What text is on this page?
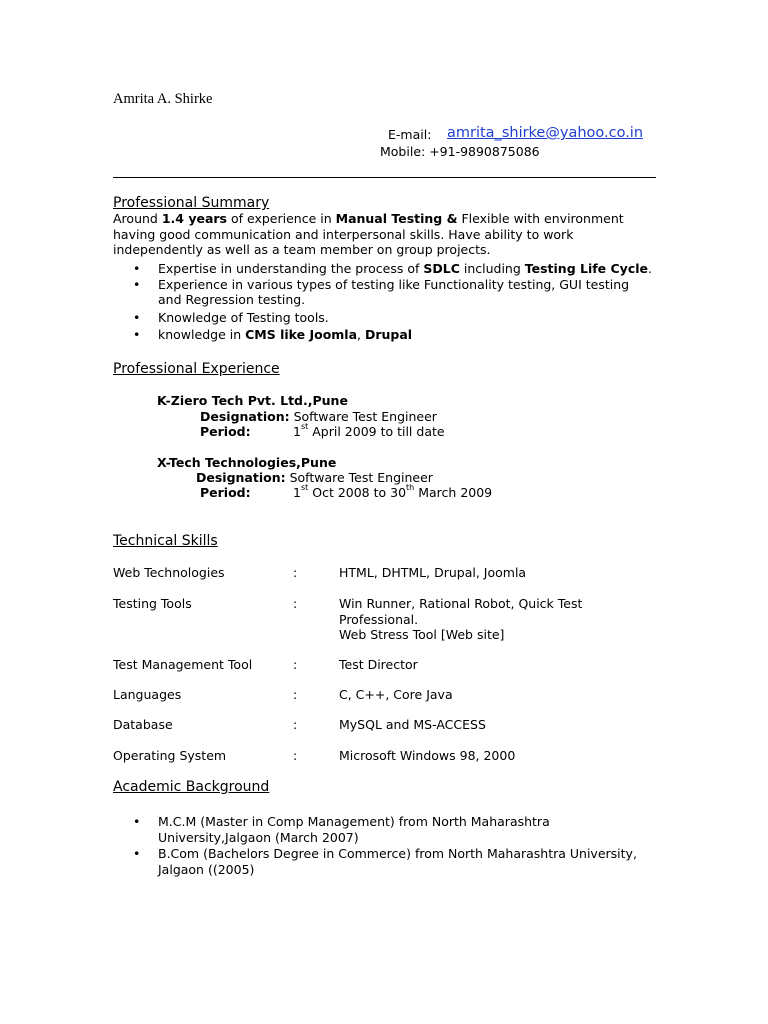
Amrita A. Shirke
E-mail: amrita_shirke@yahoo.co.in
Mobile: +91-9890875086
Professional Summary
Around 1.4 years of experience in Manual Testing & Flexible with environment
having good communication and interpersonal skills. Have ability to work
independently as well as a team member on group projects.
• Expertise in understanding the process of SDLC including Testing Life Cycle.
• Experience in various types of testing like Functionality testing, GUI testing
and Regression testing.
• Knowledge of Testing tools.
• knowledge in CMS like Joomla, Drupal
Professional Experience
K-Ziero Tech Pvt. Ltd.,Pune
Designation: Software Test Engineer
Period:	1st April 2009 to till date
X-Tech Technologies,Pune
Designation: Software Test Engineer
Period:	1st Oct 2008 to 30th March 2009
Technical Skills
Web Technologies	:	HTML, DHTML, Drupal, Joomla
Testing Tools	:	Win Runner, Rational Robot, Quick Test
Professional.
Web Stress Tool [Web site]
Test Management Tool	:	Test Director
Languages	:	C, C++, Core Java
Database	:	MySQL and MS-ACCESS
Operating System	:	Microsoft Windows 98, 2000
Academic Background
• M.C.M (Master in Comp Management) from North Maharashtra
University,Jalgaon (March 2007)
• B.Com (Bachelors Degree in Commerce) from North Maharashtra University,
Jalgaon ((2005)
